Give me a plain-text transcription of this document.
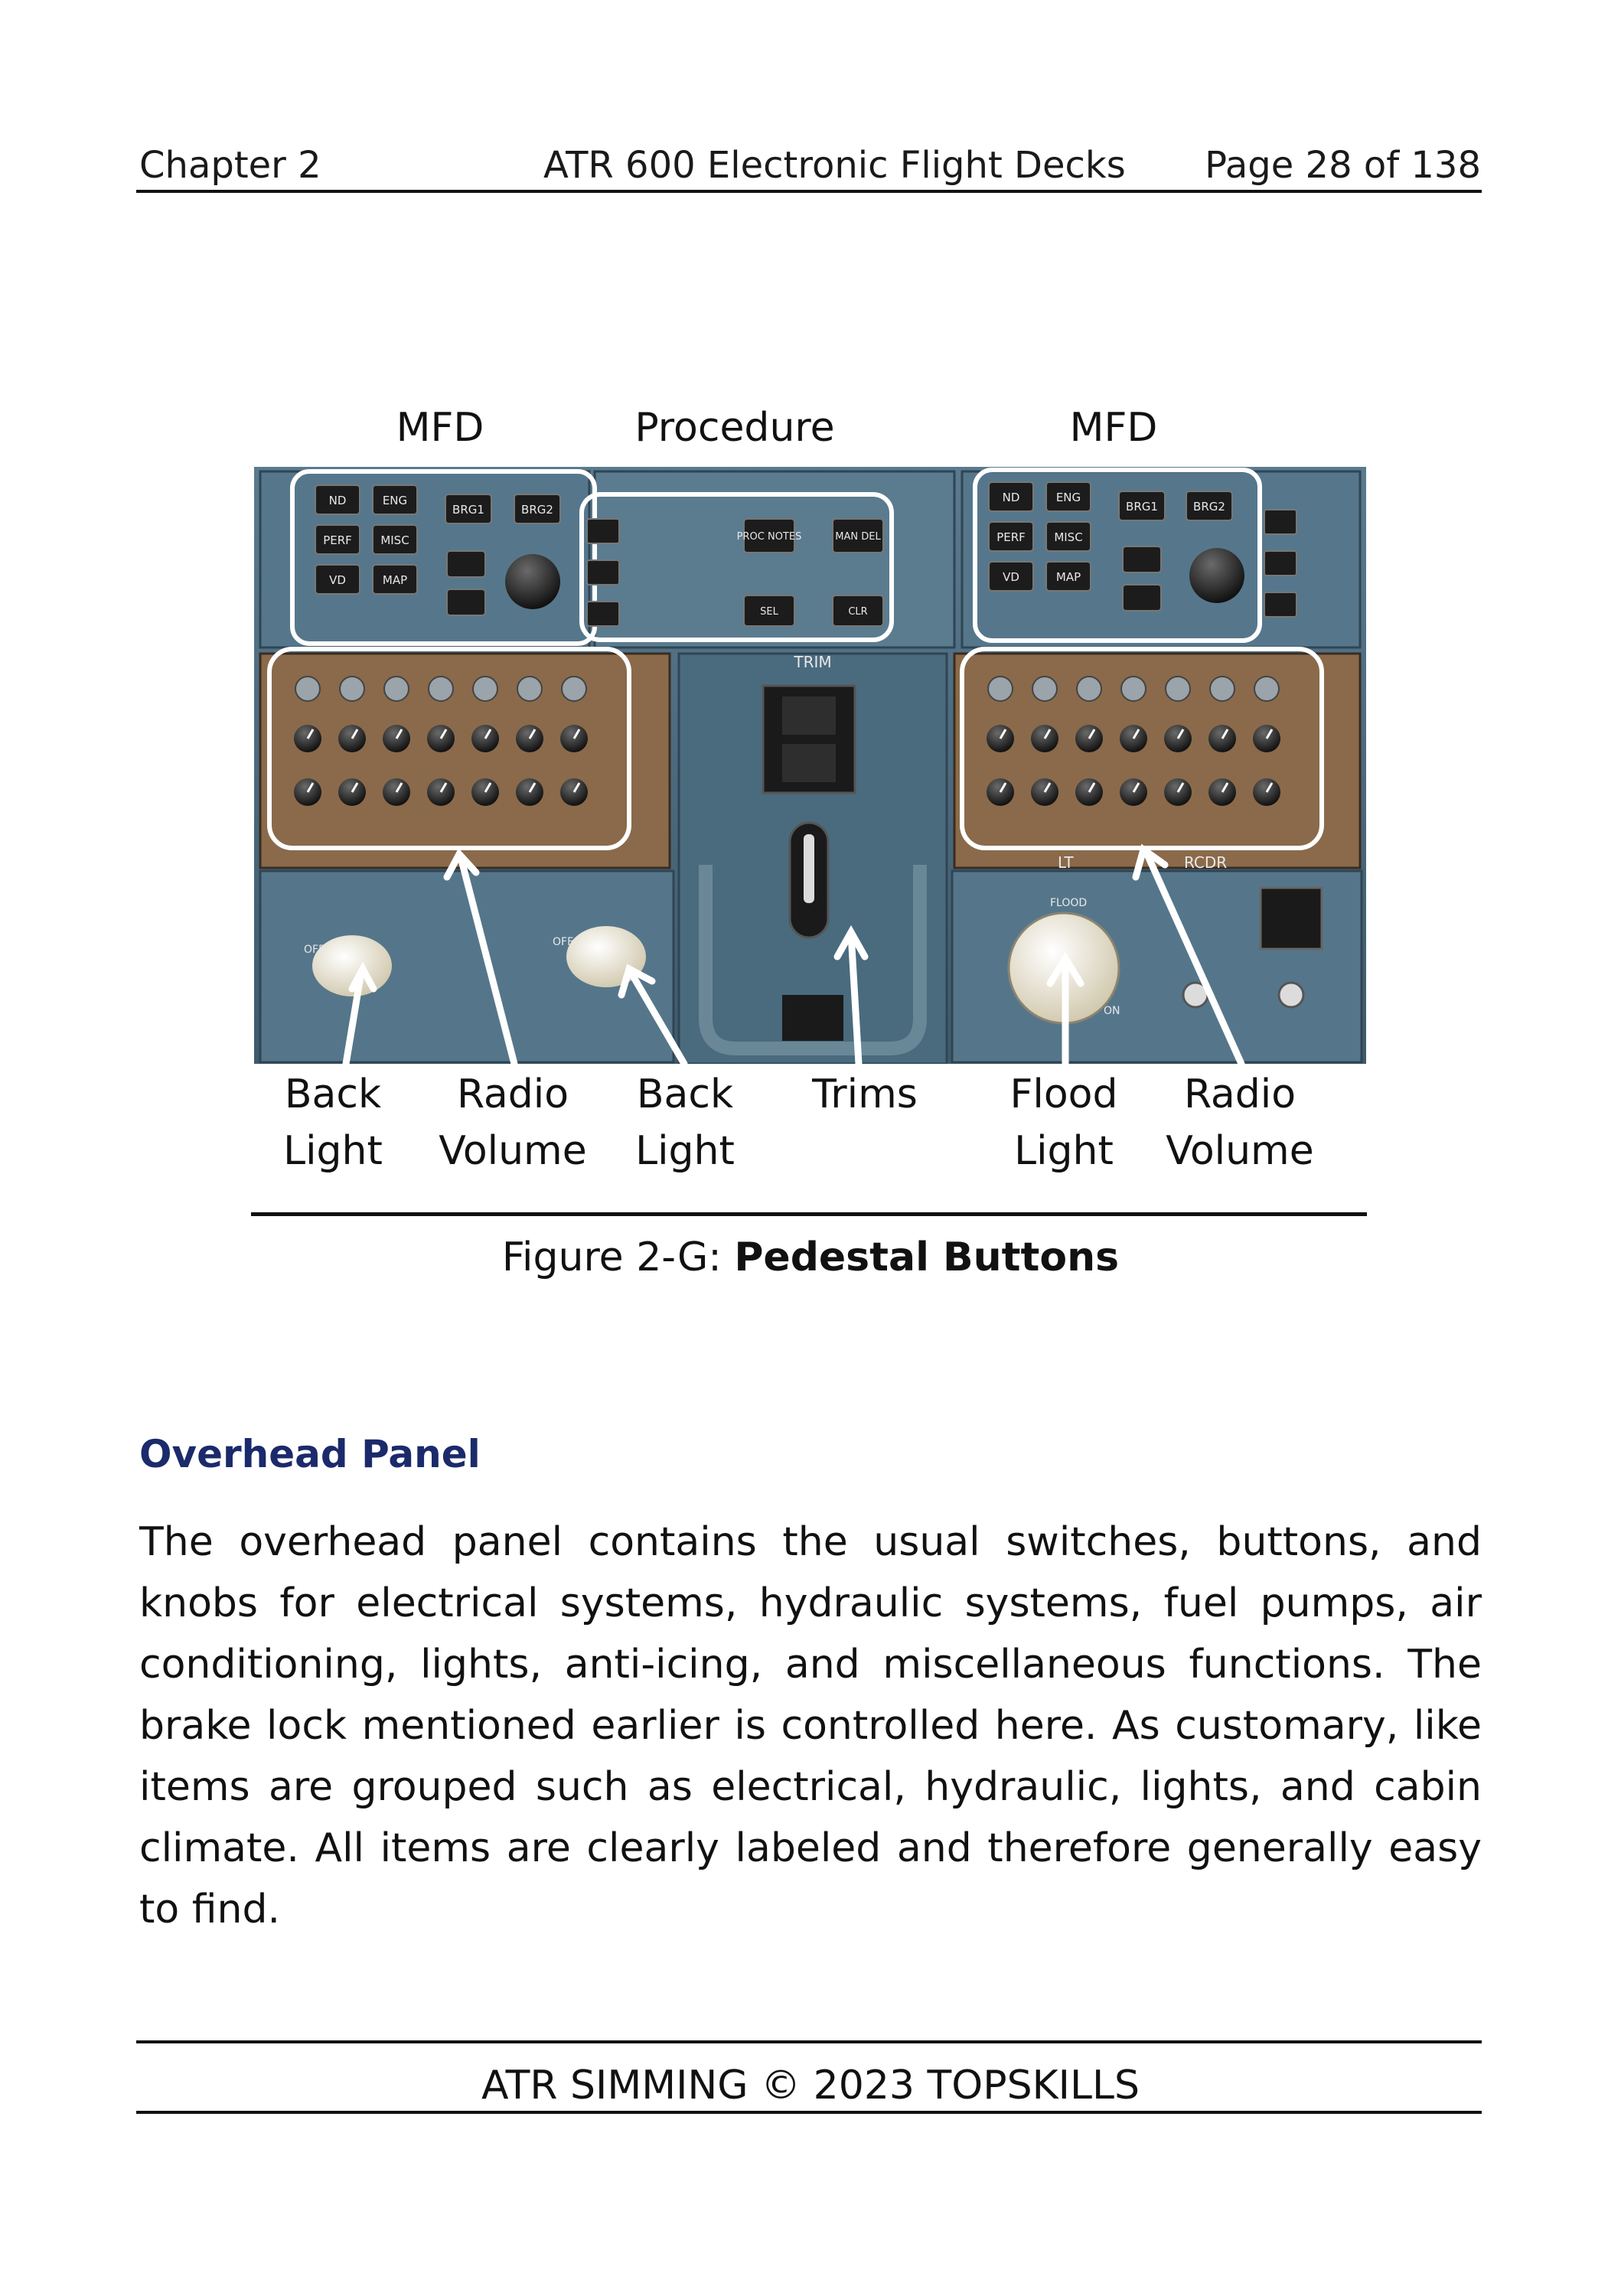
Chapter 2	ATR 600 Electronic Flight Decks Page 28 of 138
MFD	Procedure	MFD
ND	ENG
PERF	MISC
VD	MAP
BRG1	BRG2
PROC NOTES	MAN DEL
SEL	CLR
ND	ENG
PERF	MISC
VD	MAP
BRG1	BRG2
TRIM
OFF
OFF
LT	RCDR
FLOOD
ON
Back
Light
Radio
Volume
Back
Light
Trims	Flood
Light
Radio
Volume
Figure 2-G: Pedestal Buttons
Overhead Panel
The overhead panel contains the usual switches, buttons, and knobs for electrical systems, hydraulic systems, fuel pumps, air conditioning, lights, anti-icing, and miscellaneous functions. The brake lock mentioned earlier is controlled here. As customary, like items are grouped such as electrical, hydraulic, lights, and cabin climate. All items are clearly labeled and therefore generally easy to find.
ATR SIMMING © 2023 TOPSKILLS
